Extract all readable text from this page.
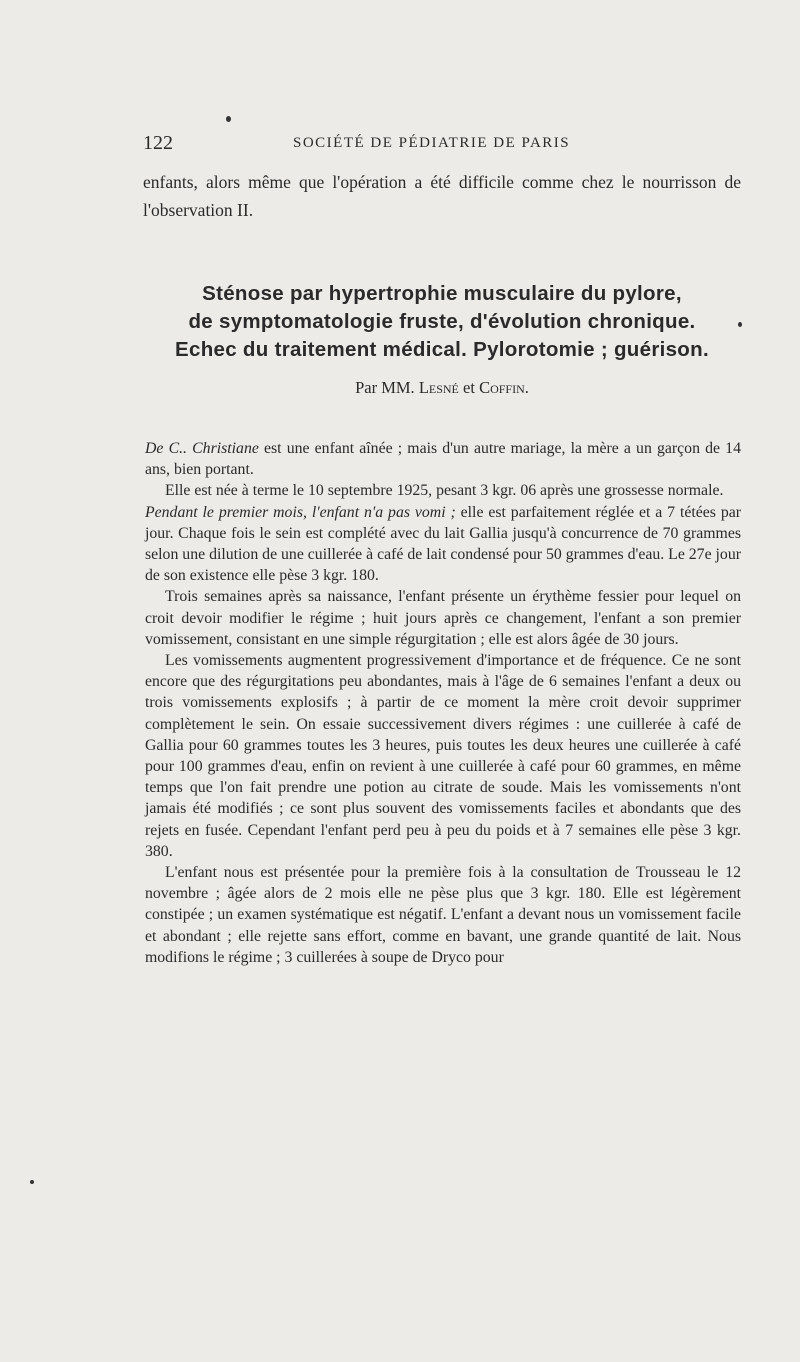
122	SOCIÉTÉ DE PÉDIATRIE DE PARIS
enfants, alors même que l'opération a été difficile comme chez le nourrisson de l'observation II.
Sténose par hypertrophie musculaire du pylore,
de symptomatologie fruste, d'évolution chronique.
Echec du traitement médical. Pylorotomie ; guérison.
Par MM. Lesné et Coffin.

De C.. Christiane est une enfant aînée ; mais d'un autre mariage, la mère a un garçon de 14 ans, bien portant.

Elle est née à terme le 10 septembre 1925, pesant 3 kgr. 06 après une grossesse normale.

Pendant le premier mois, l'enfant n'a pas vomi ; elle est parfaitement réglée et a 7 tétées par jour. Chaque fois le sein est complété avec du lait Gallia jusqu'à concurrence de 70 grammes selon une dilution de une cuillerée à café de lait condensé pour 50 grammes d'eau. Le 27e jour de son existence elle pèse 3 kgr. 180.

Trois semaines après sa naissance, l'enfant présente un érythème fessier pour lequel on croit devoir modifier le régime ; huit jours après ce changement, l'enfant a son premier vomissement, consistant en une simple régurgitation ; elle est alors âgée de 30 jours.

Les vomissements augmentent progressivement d'importance et de fréquence. Ce ne sont encore que des régurgitations peu abondantes, mais à l'âge de 6 semaines l'enfant a deux ou trois vomissements explosifs ; à partir de ce moment la mère croit devoir supprimer complètement le sein. On essaie successivement divers régimes : une cuillerée à café de Gallia pour 60 grammes toutes les 3 heures, puis toutes les deux heures une cuillerée à café pour 100 grammes d'eau, enfin on revient à une cuillerée à café pour 60 grammes, en même temps que l'on fait prendre une potion au citrate de soude. Mais les vomissements n'ont jamais été modifiés ; ce sont plus souvent des vomissements faciles et abondants que des rejets en fusée. Cependant l'enfant perd peu à peu du poids et à 7 semaines elle pèse 3 kgr. 380.

L'enfant nous est présentée pour la première fois à la consultation de Trousseau le 12 novembre ; âgée alors de 2 mois elle ne pèse plus que 3 kgr. 180. Elle est légèrement constipée ; un examen systématique est négatif. L'enfant a devant nous un vomissement facile et abondant ; elle rejette sans effort, comme en bavant, une grande quantité de lait. Nous modifions le régime ; 3 cuillerées à soupe de Dryco pour
